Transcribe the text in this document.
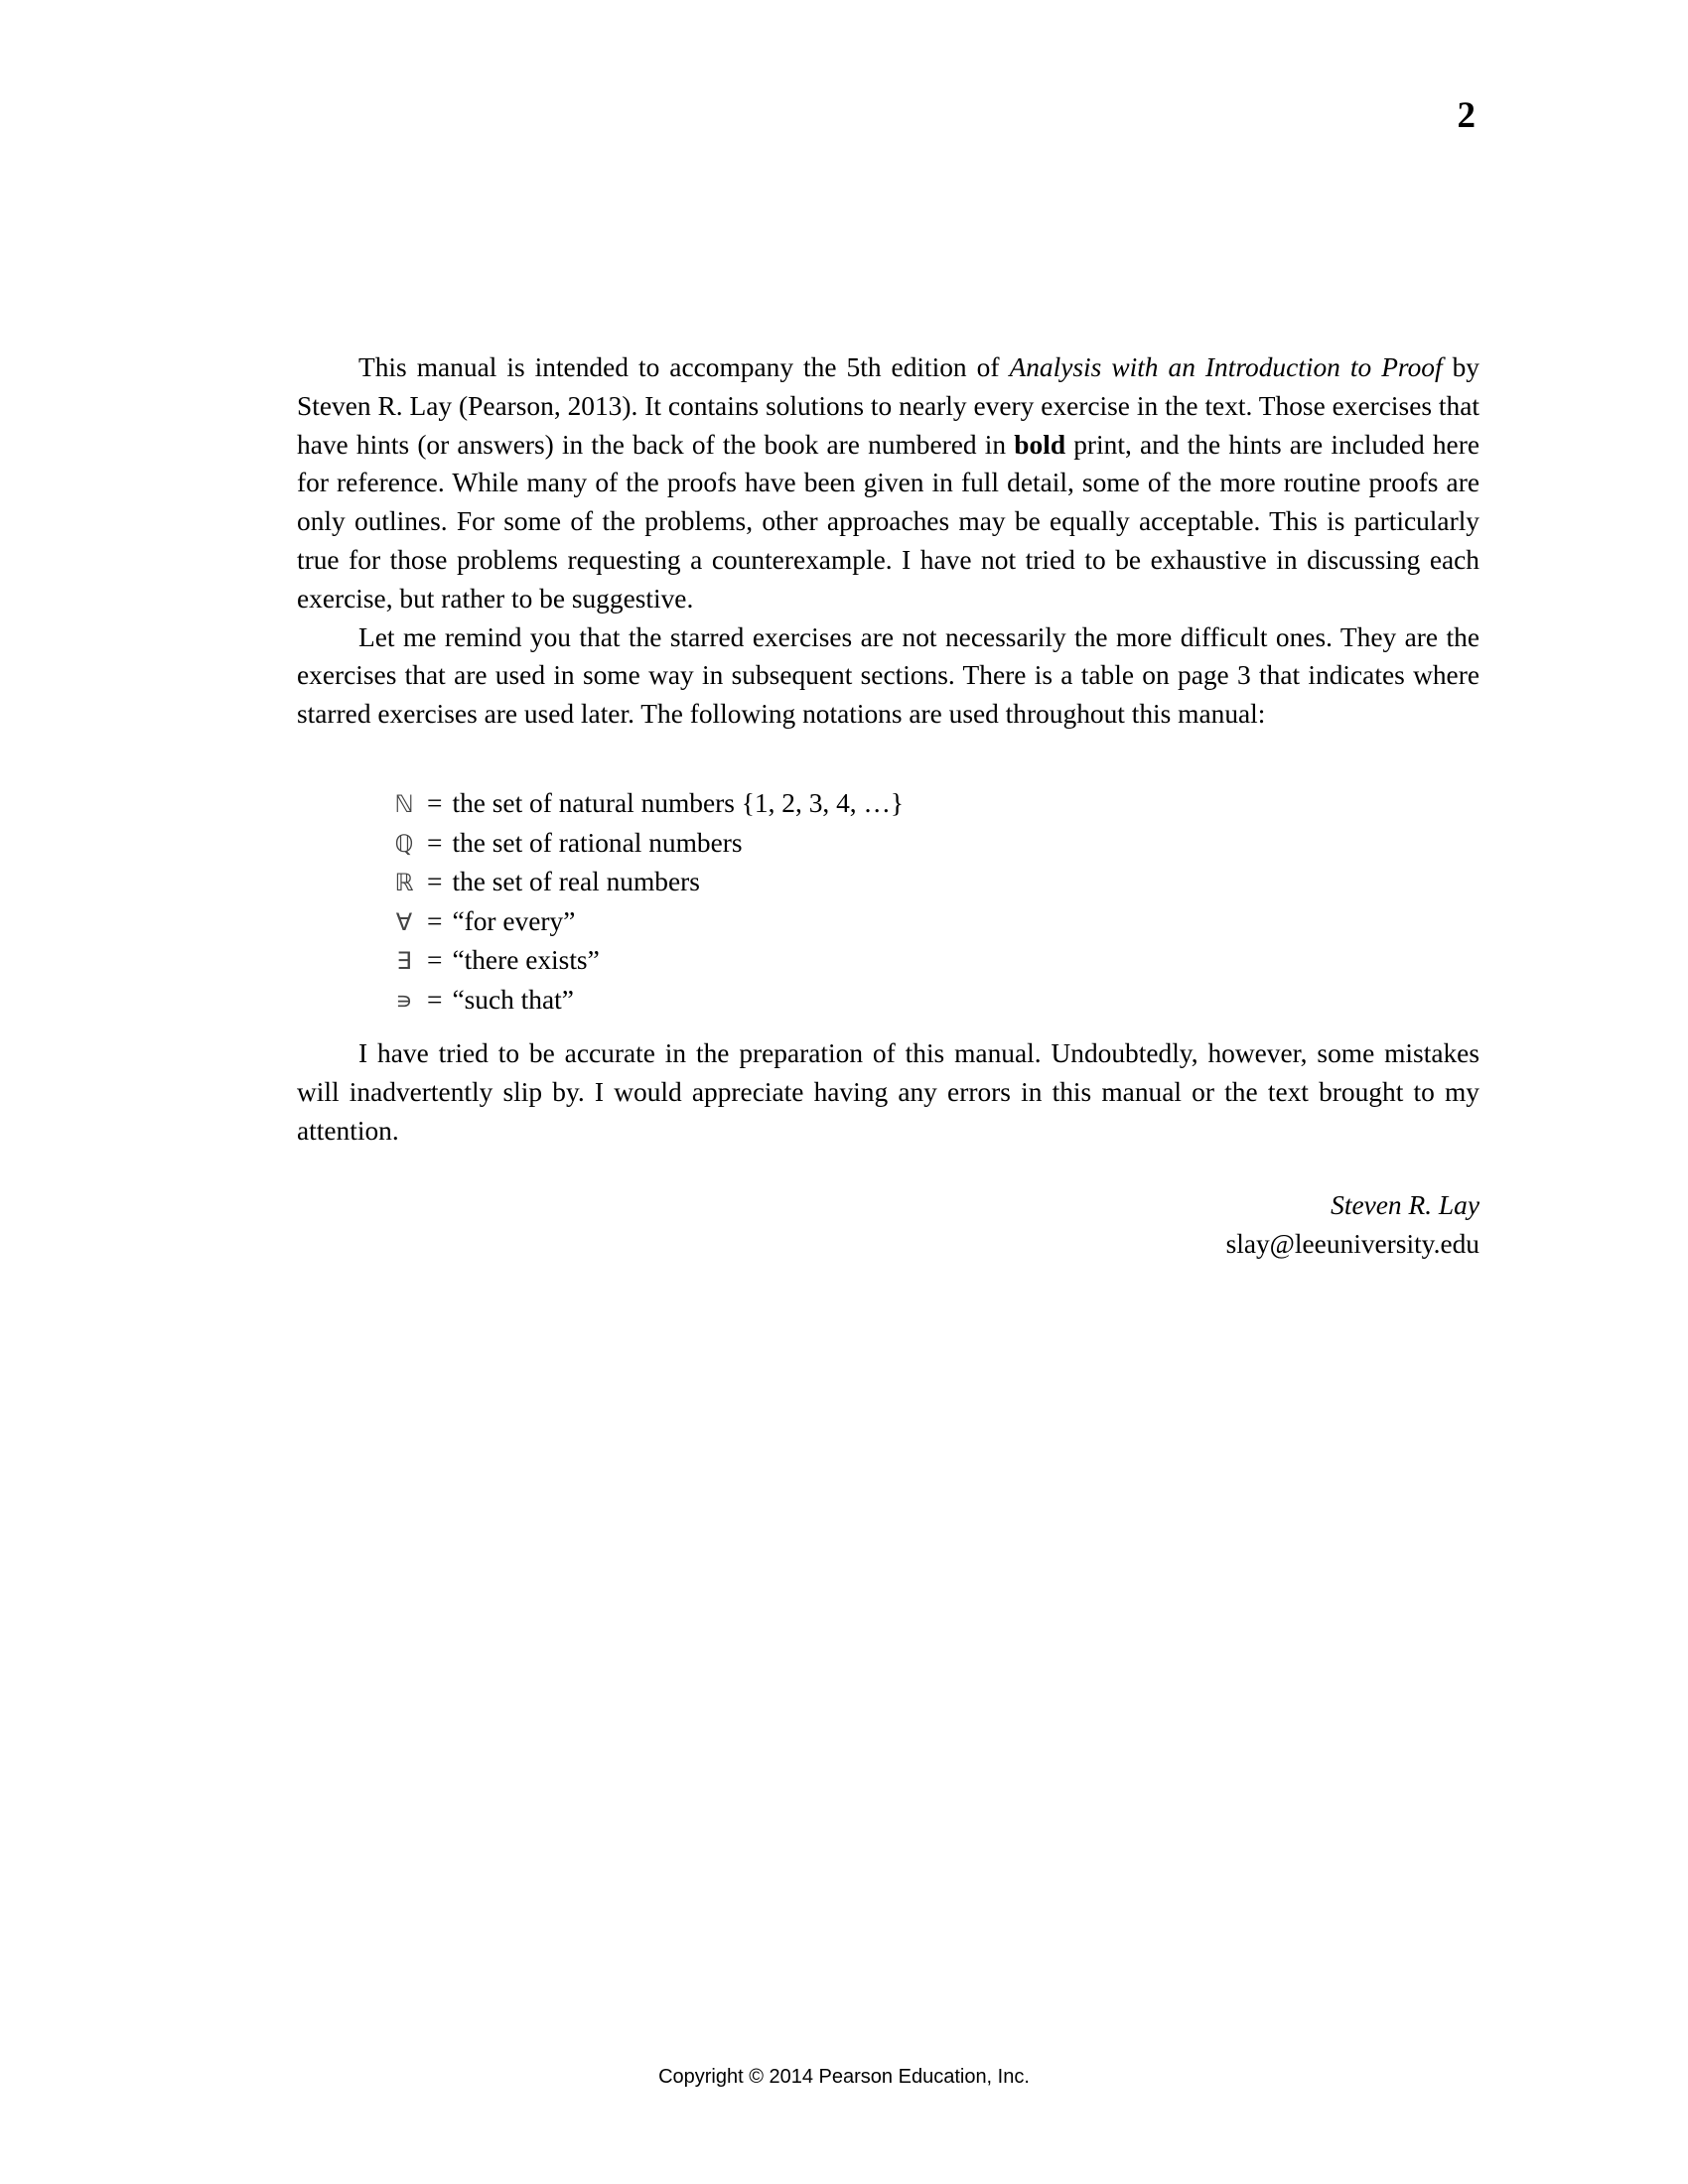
2

This manual is intended to accompany the 5th edition of Analysis with an Introduction to Proof by Steven R. Lay (Pearson, 2013). It contains solutions to nearly every exercise in the text. Those exercises that have hints (or answers) in the back of the book are numbered in bold print, and the hints are included here for reference. While many of the proofs have been given in full detail, some of the more routine proofs are only outlines. For some of the problems, other approaches may be equally acceptable. This is particularly true for those problems requesting a counterexample. I have not tried to be exhaustive in discussing each exercise, but rather to be suggestive.

Let me remind you that the starred exercises are not necessarily the more difficult ones. They are the exercises that are used in some way in subsequent sections. There is a table on page 3 that indicates where starred exercises are used later. The following notations are used throughout this manual:

ℕ = the set of natural numbers {1, 2, 3, 4, …}
ℚ = the set of rational numbers
ℝ = the set of real numbers
∀ = “for every”
∃ = “there exists”
∍ = “such that”

I have tried to be accurate in the preparation of this manual. Undoubtedly, however, some mistakes will inadvertently slip by. I would appreciate having any errors in this manual or the text brought to my attention.

Steven R. Lay
slay@leeuniversity.edu
Copyright © 2014 Pearson Education, Inc.
